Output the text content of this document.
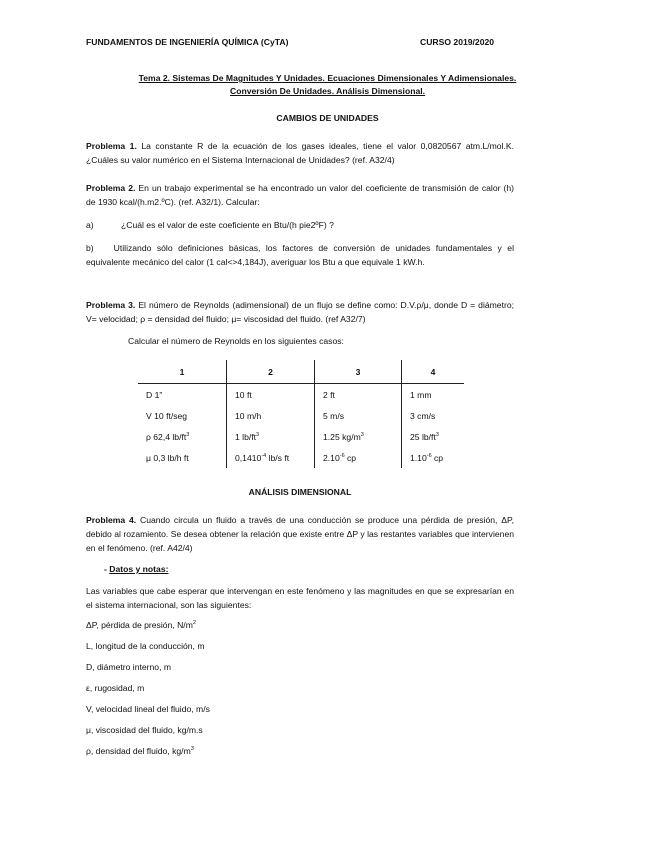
FUNDAMENTOS DE INGENIERÍA QUÍMICA (CyTA)	CURSO 2019/2020
Tema 2. Sistemas De Magnitudes Y Unidades. Ecuaciones Dimensionales Y Adimensionales.
Conversión De Unidades. Análisis Dimensional.
CAMBIOS DE UNIDADES
Problema 1. La constante R de la ecuación de los gases ideales, tiene el valor 0,0820567 atm.L/mol.K. ¿Cuáles su valor numérico en el Sistema Internacional de Unidades? (ref. A32/4)
Problema 2. En un trabajo experimental se ha encontrado un valor del coeficiente de transmisión de calor (h) de 1930 kcal/(h.m2.ºC). (ref. A32/1). Calcular:
a)	¿Cuál es el valor de este coeficiente en Btu/(h pie2ºF) ?
b) Utilizando sólo definiciones básicas, los factores de conversión de unidades fundamentales y el equivalente mecánico del calor (1 cal<>4,184J), averiguar los Btu a que equivale 1 kW.h.
Problema 3. El número de Reynolds (adimensional) de un flujo se define como: D.V.ρ/μ, donde D = diámetro; V= velocidad; ρ = densidad del fluido; μ= viscosidad del fluido. (ref A32/7)
Calcular el número de Reynolds en los siguientes casos:
1	2	3	4
D 1"	10 ft	2 ft	1 mm
V 10 ft/seg	10 m/h	5 m/s	3 cm/s
ρ 62,4 $lb/ft^3$	1 $lb/ft^3$	1.25 $kg/m^3$	25 $lb/ft^3$
μ 0,3 lb/h ft	$0,1410^{-4}$ lb/s ft	$2.10^{-6}$ cp	$1.10^{-6}$ cp
ANÁLISIS DIMENSIONAL
Problema 4. Cuando circula un fluido a través de una conducción se produce una pérdida de presión, ΔP, debido al rozamiento. Se desea obtener la relación que existe entre ΔP y las restantes variables que intervienen en el fenómeno. (ref. A42/4)
- Datos y notas:
Las variables que cabe esperar que intervengan en este fenómeno y las magnitudes en que se expresarían en el sistema internacional, son las siguientes:
ΔP, pérdida de presión, $N/m^2$
L, longitud de la conducción, m
D, diámetro interno, m
ε, rugosidad, m
V, velocidad lineal del fluido, m/s
μ, viscosidad del fluido, kg/m.s
ρ, densidad del fluido, $kg/m^3$
